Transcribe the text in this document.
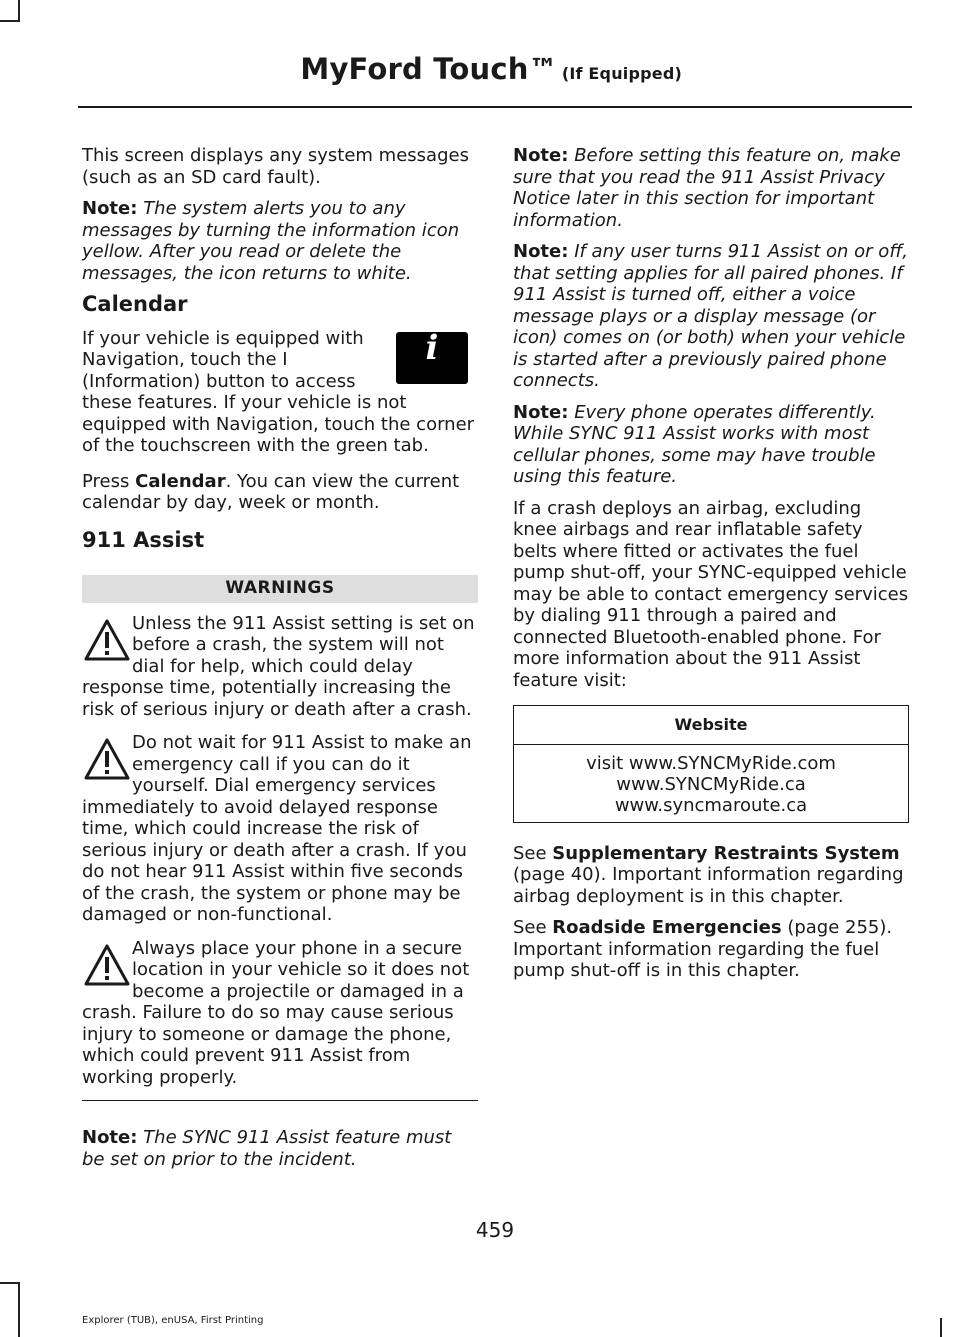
MyFord Touch™ (If Equipped)

This screen displays any system messages (such as an SD card fault).

Note: The system alerts you to any messages by turning the information icon yellow. After you read or delete the messages, the icon returns to white.

Calendar
i

If your vehicle is equipped with Navigation, touch the I (Information) button to access these features. If your vehicle is not equipped with Navigation, touch the corner of the touchscreen with the green tab.

Press Calendar. You can view the current calendar by day, week or month.

911 Assist
WARNINGS
Unless the 911 Assist setting is set on before a crash, the system will not dial for help, which could delay response time, potentially increasing the risk of serious injury or death after a crash.
Do not wait for 911 Assist to make an emergency call if you can do it yourself. Dial emergency services immediately to avoid delayed response time, which could increase the risk of serious injury or death after a crash. If you do not hear 911 Assist within five seconds of the crash, the system or phone may be damaged or non-functional.
Always place your phone in a secure location in your vehicle so it does not become a projectile or damaged in a crash. Failure to do so may cause serious injury to someone or damage the phone, which could prevent 911 Assist from working properly.

Note: The SYNC 911 Assist feature must be set on prior to the incident.

Note: Before setting this feature on, make sure that you read the 911 Assist Privacy Notice later in this section for important information.

Note: If any user turns 911 Assist on or off, that setting applies for all paired phones. If 911 Assist is turned off, either a voice message plays or a display message (or icon) comes on (or both) when your vehicle is started after a previously paired phone connects.

Note: Every phone operates differently. While SYNC 911 Assist works with most cellular phones, some may have trouble using this feature.

If a crash deploys an airbag, excluding knee airbags and rear inflatable safety belts where fitted or activates the fuel pump shut-off, your SYNC-equipped vehicle may be able to contact emergency services by dialing 911 through a paired and connected Bluetooth-enabled phone. For more information about the 911 Assist feature visit:

Website
visit www.SYNCMyRide.com
www.SYNCMyRide.ca
www.syncmaroute.ca

See Supplementary Restraints System (page 40). Important information regarding airbag deployment is in this chapter.

See Roadside Emergencies (page 255). Important information regarding the fuel pump shut-off is in this chapter.

459
Explorer (TUB), enUSA, First Printing
